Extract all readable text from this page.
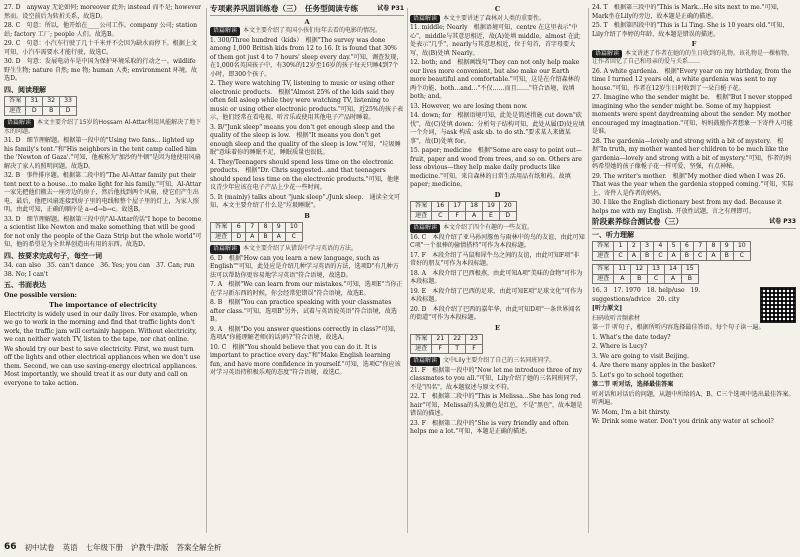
27. D　anyway 无论如何; moreover 此外; instead 而不是; however 然而。设空前后为转折关系，故选D。

28. C　句意：所以，他开始在____公司工作。company 公司; station 站; factory 工厂; people 人们。故选B。

29. C　句意：小汽车行驶了几十千米并不会因为缺水而停下。根据上文可知，小汽车需要水才能行驶，故选C。

30. D　句意：发展电动车是中国为保护环境采取的行动之一。wildlife 野生生物; nature 自然; me 物; human 人类; environment 环境。故选D。

四、阅读理解
答案	31	32	33
速查	D	B	D

语篇解读 本文主要介绍了15岁的Hossam Al-Attar利用风能解决了地下水的问题。

31. D　细节理解题。根据第一段中的"Using two fans... lighted up his family's tent."和"His neighbors in the tent camp called him the 'Newton of Gaza'."可知，他被称为"加沙的牛顿"是因为他使用风扇解决了家人的照明问题。故选D。

32. B　事件排序题。根据第二段中的"The Al-Attar family put their tent next to a house...to make light for his family."可知，Al-Attar一家先把他们搬去一座旁边的房子，然后他找到两个风扇，使它们产生出电，最后，他把风扇连接到房子里的电线和整个屋子里的灯上，为家人照明。由此可知，正确的顺序是 a→d→b→c。故选B。

33. D　细节理解题。根据第三段中的"Al-Attar的话"I hope to become a scientist like Newton and make something that will be good for not only the people of the Gaza Strip but the whole world"可知，他的希望是为全世界创造出有用的东西。故选D。

四、按要求完成句子，每空一词

34. can also　35. can't dance　36. Yes; you can　37. Can; run　38. No; I can't

五、书面表达

One possible version:

The importance of electricity

Electricity is widely used in our daily lives. For example, when we go to work in the morning and find that traffic lights don't work, the traffic jam will certainly happen. Without electricity, we can neither watch TV, listen to the tape, nor chat online.

We should try our best to save electricity. First, we must turn off the lights and other electrical appliances when we don't use them. Second, we can use saving-energy electrical appliances. Most importantly, we should treat it as our duty and call on everyone to take action.

专项素养巩固训练卷（三）　任务型阅读专练	试卷 P31

A

语篇解读 本文主要介绍了英国小孩们每年去看的电影的情况。

1. 300/Three hundred（kids）　根据"The survey was done among 1,000 British kids from 12 to 16. It is found that 30% of them got just 4 to 7 hours' sleep every day."可知，调查发现，在1,000名英国孩子中，有30%的12岁至16岁的孩子每天只睡4到7个小时，即300个孩子。

2. They were watching TV, listening to music or using other electronic products.　根据"Almost 25% of the kids said they often fell asleep while they were watching TV, listening to music or using other electronic products."可知，近25%的孩子表示，他们经常在看电视、听音乐或使用其他电子产品时睡着。

3. B/"Junk sleep" means you don't get enough sleep and the quality of the sleep is low.　根据"It means you don't get enough sleep and the quality of the sleep is low."可知，"垃圾睡眠"意味着你的睡眠不足，睡眠质量也很低。

4. They/Teenagers should spend less time on the electronic products.　根据"Dr. Chris suggested...and that teenagers should spend less time on the electronic products."可知，他建议青少年应该在电子产品上少花一些时间。

5. It (mainly) talks about "junk sleep"./Junk sleep.　通读全文可知，本文主要介绍了什么是"垃圾睡眠"。

B

答案	6	7	8	9	10
速查	D	A	B	A	C

语篇解读 本文主要介绍了从错误中学习英语的方法。

6. D　根据"How can you learn a new language, such as English""可知，此处应是介绍几种学习英语的方法，选项D"有几种方法可以帮助你更容易地学习英语"符合语境，故选D。

7. A　根据"We can learn from our mistakes."可知，选项E"当你正在学习新东西的时候，你会经常犯错误"符合语境，故选E。

8. B　根据"You can practice speaking with your classmates after class."可知，选项B"另外，试着与英语说英语"符合语境，故选B。

9. A　根据"Do you answer questions correctly in class?"可知，选项A"你能理解老师(的话)吗?"符合语境，故选A。

10. C　根据"You should believe that you can do it. It is important to practice every day."和"Make English learning fun, and have more confidence in yourself."可知，选项C"你应该对学习英语持积极乐观的态度"符合语境，故选C。

C

语篇解读 本文主要讲述了森林对人类的重要性。

11. middle; Nearly　根据语境可知，centre 在这里表示"中心"，middle与其意思相近，故(A)处填 middle。almost 在此处表示"几乎"，nearly与其意思相近，位于句首，首字母要大写，故(B)处填 Nearly。

12. both; and　根据画线句"They can not only help make our lives more convenient, but also make our Earth more beautiful and comfortable."可知，这是在介绍森林的两个功能，both...and..."不仅……而且……"符合语境，故填 both; and。

13. However, we are losing them now.

14. down; for　根据语境可知，此处是简述措施 cut down"砍伐"，故(C)处填 down；分析句子结构可知，此处从属(D)处应填一个介词，与ask 构成 ask sb. to do sth."要求某人来做某事"，故(D)处填 for。

15. paper; medicine　根据"Some are easy to point out—fruit, paper and wood from trees, and so on. Others are less obvious—they help make daily products like medicine."可知，来自森林的日常生活用品有纸和药。故填 paper; medicine。

D

答案	16	17	18	19	20
速查	C	F	A	E	D

语篇解读 本文介绍了四个有趣的一些友谊。

16. C　本段介绍了亚马孙河豚鱼与雨林中的鸟的友谊，由此可知C项"一个很棒的偷情搭档"可作为本段标题。

17. F　本段介绍了马鼠和犀牛鸟之间的友谊，由此可知F项"非常好的朋友"可作为本段标题。

18. A　本段介绍了巴西极燕，由此可知A项"美味的食物"可作为本段标题。

19. E　本段介绍了巴西的足球，由此可知E项"足球文化"可作为本段标题。

20. D　本段介绍了巴西的嘉年华，由此可知D项"一条世界闻名的街道"可作为本段标题。

E

答案	21	22	23
速查	F	T	F

语篇解读 文中Lily主要介绍了自己的三名同班同学。

21. F　根据第一段中的"Now let me introduce three of my classmates to you all."可知，Lily介绍了她的三名同班同学，不是"四名"，故本题叙述与原文不符。

22. T　根据第二段中的"This is Melissa...She has long red hair"可知，Melissa的头发颜色是红色，不是"黑色"，故本题是错误的描述。

23. F　根据第二段中的"She is very friendly and often helps me a lot."可知，本题是正确的描述。

24. T　根据第三段中的"This is Mark...He sits next to me."可知，Mark坐在Lily的旁边，故本题是正确的描述。

25. T　根据第四段中的"This is Li Ting. She is 10 years old."可知，Lily介绍了李婷的年龄，故本题是错误的描述。

F

语篇解读 本文讲述了作者在她的的生日收到的礼物。该礼物是一棵植物，让作者回忆了自己和母亲的爱与关系……

26. A white gardenia.　根据"Every year on my birthday, from the time I turned 12 years old, a white gardenia was sent to my house."可知，作者在12岁生日时收到了一朵白栀子花。

27. Imagine who the sender might be.　根据"But I never stopped imagining who the sender might be. Some of my happiest moments were spent daydreaming about the sender. My mother encouraged my imagination."可知，妈妈鼓励作者想象一下寄件人可能是谁。

28. The gardenia—lovely and strong with a bit of mystery.　根据"In truth, my mother wanted her children to be much like the gardenia—lovely and strong with a bit of mystery."可知，作者的妈妈希望她的孩子像栀子花一样可爱、坚强，有点神秘。

29. The writer's mother.　根据"My mother died when I was 26. That was the year when the gardenia stopped coming."可知，实际上，寄件人是作者的妈妈。

30. I like the English dictionary best from my dad. Because it helps me with my English. 开放性试题，言之有理即可。

阶段素养综合测试卷（三）	试卷 P33
一、听力理解
答案	1	2	3	4	5	6	7	8	9	10
速查	C	A	B	C	A	B	C	A	B	C
答案	11	12	13	14	15
速查	A	B	C	A	B

16. 3　17. 1970　18. help/use　19. suggestions/advice　20. city

[听力原文]

扫码收听音频素材

第一节 听句子，根据所听内容选择最佳答语。每个句子读一遍。

1. What's the date today?

2. Where is Lucy?

3. We are going to visit Beijing.

4. Are there many apples in the basket?

5. Let's go to school together.

第二节 听对话，选择最佳答案

听对话和对话后的问题，从题中所给的A、B、C三个选项中选出最佳答案。听两遍。

W: Mom, I'm a bit thirsty.

W: Drink some water. Don't you drink any water at school?

66 初中试卷 英语 七年级下册 沪教牛津版 答案全解全析
